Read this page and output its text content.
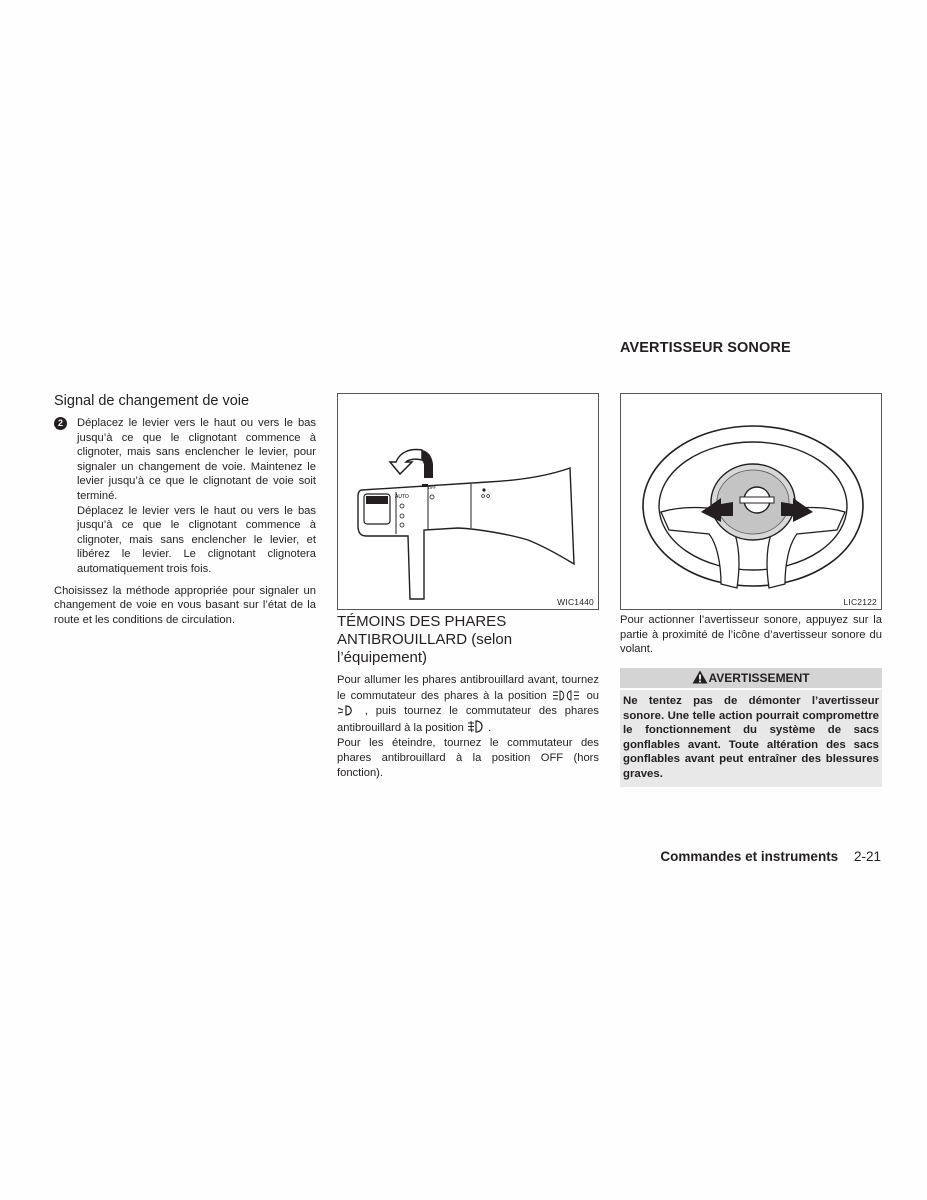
Signal de changement de voie
2	Déplacez le levier vers le haut ou vers le bas jusqu’à ce que le clignotant commence à clignoter, mais sans enclencher le levier, pour signaler un changement de voie. Maintenez le levier jusqu’à ce que le clignotant de voie soit terminé.

Déplacez le levier vers le haut ou vers le bas jusqu’à ce que le clignotant commence à clignoter, mais sans enclencher le levier, et libérez le levier. Le clignotant clignotera automatiquement trois fois.

Choisissez la méthode appropriée pour signaler un changement de voie en vous basant sur l’état de la route et les conditions de circulation.

AUTO
OFF
WIC1440
TÉMOINS DES PHARES
ANTIBROUILLARD (selon
l’équipement)

Pour allumer les phares antibrouillard avant, tournez le commutateur des phares à la position	ou  , puis tournez le commutateur des phares antibrouillard à la position .

Pour les éteindre, tournez le commutateur des phares antibrouillard à la position OFF (hors fonction).

AVERTISSEUR SONORE
LIC2122
Pour actionner l’avertisseur sonore, appuyez sur la partie à proximité de l’icône d’avertisseur sonore du volant.
AVERTISSEMENT
Ne tentez pas de démonter l’avertisseur sonore. Une telle action pourrait compromettre le fonctionnement du système de sacs gonflables avant. Toute altération des sacs gonflables avant peut entraîner des blessures graves.
Commandes et instruments 2-21
